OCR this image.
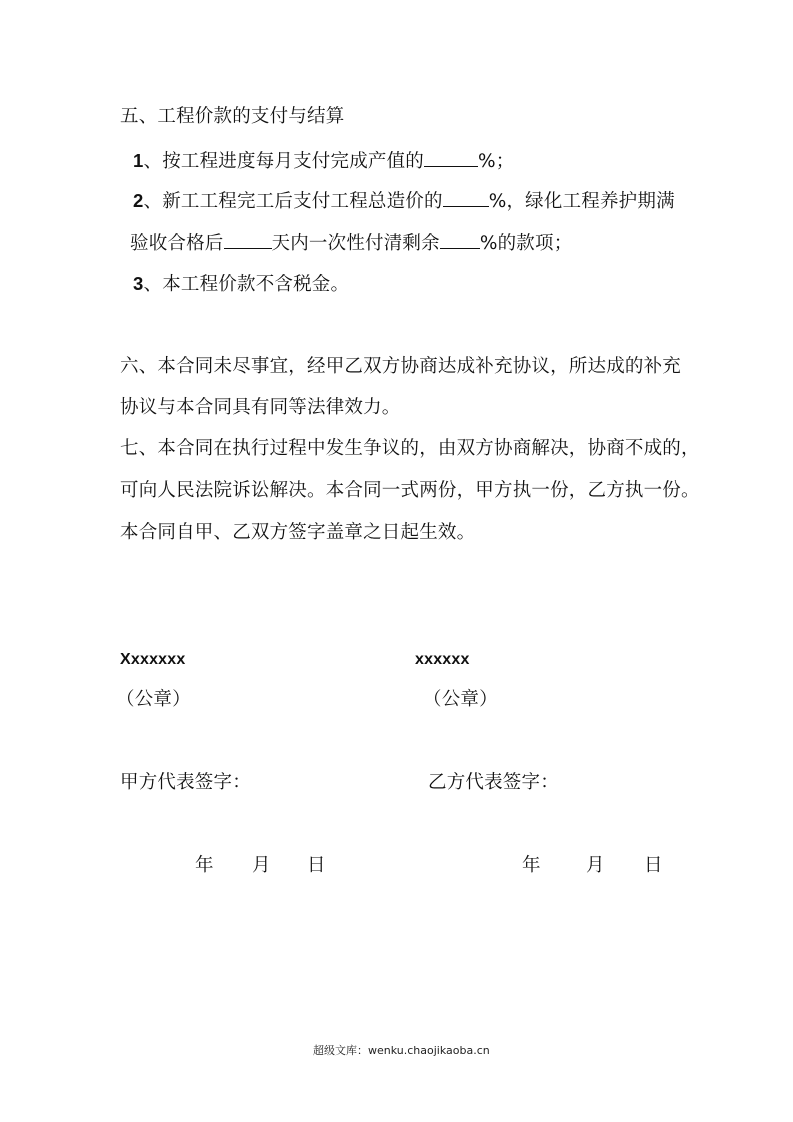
五、工程价款的支付与结算
1、按工程进度每月支付完成产值的	%；
2、新工工程完工后支付工程总造价的 %，绿化工程养护期满
验收合格后	天内一次性付清剩余 %的款项；
3、本工程价款不含税金。
六、本合同未尽事宜，经甲乙双方协商达成补充协议，所达成的补充
协议与本合同具有同等法律效力。
七、本合同在执行过程中发生争议的，由双方协商解决，协商不成的，
可向人民法院诉讼解决。本合同一式两份，甲方执一份，乙方执一份。
本合同自甲、乙双方签字盖章之日起生效。
Xxxxxxx
（公章）
甲方代表签字：
年 月 日
xxxxxx
（公章）
乙方代表签字：
年 月 日
超级文库：wenku.chaojikaoba.cn
